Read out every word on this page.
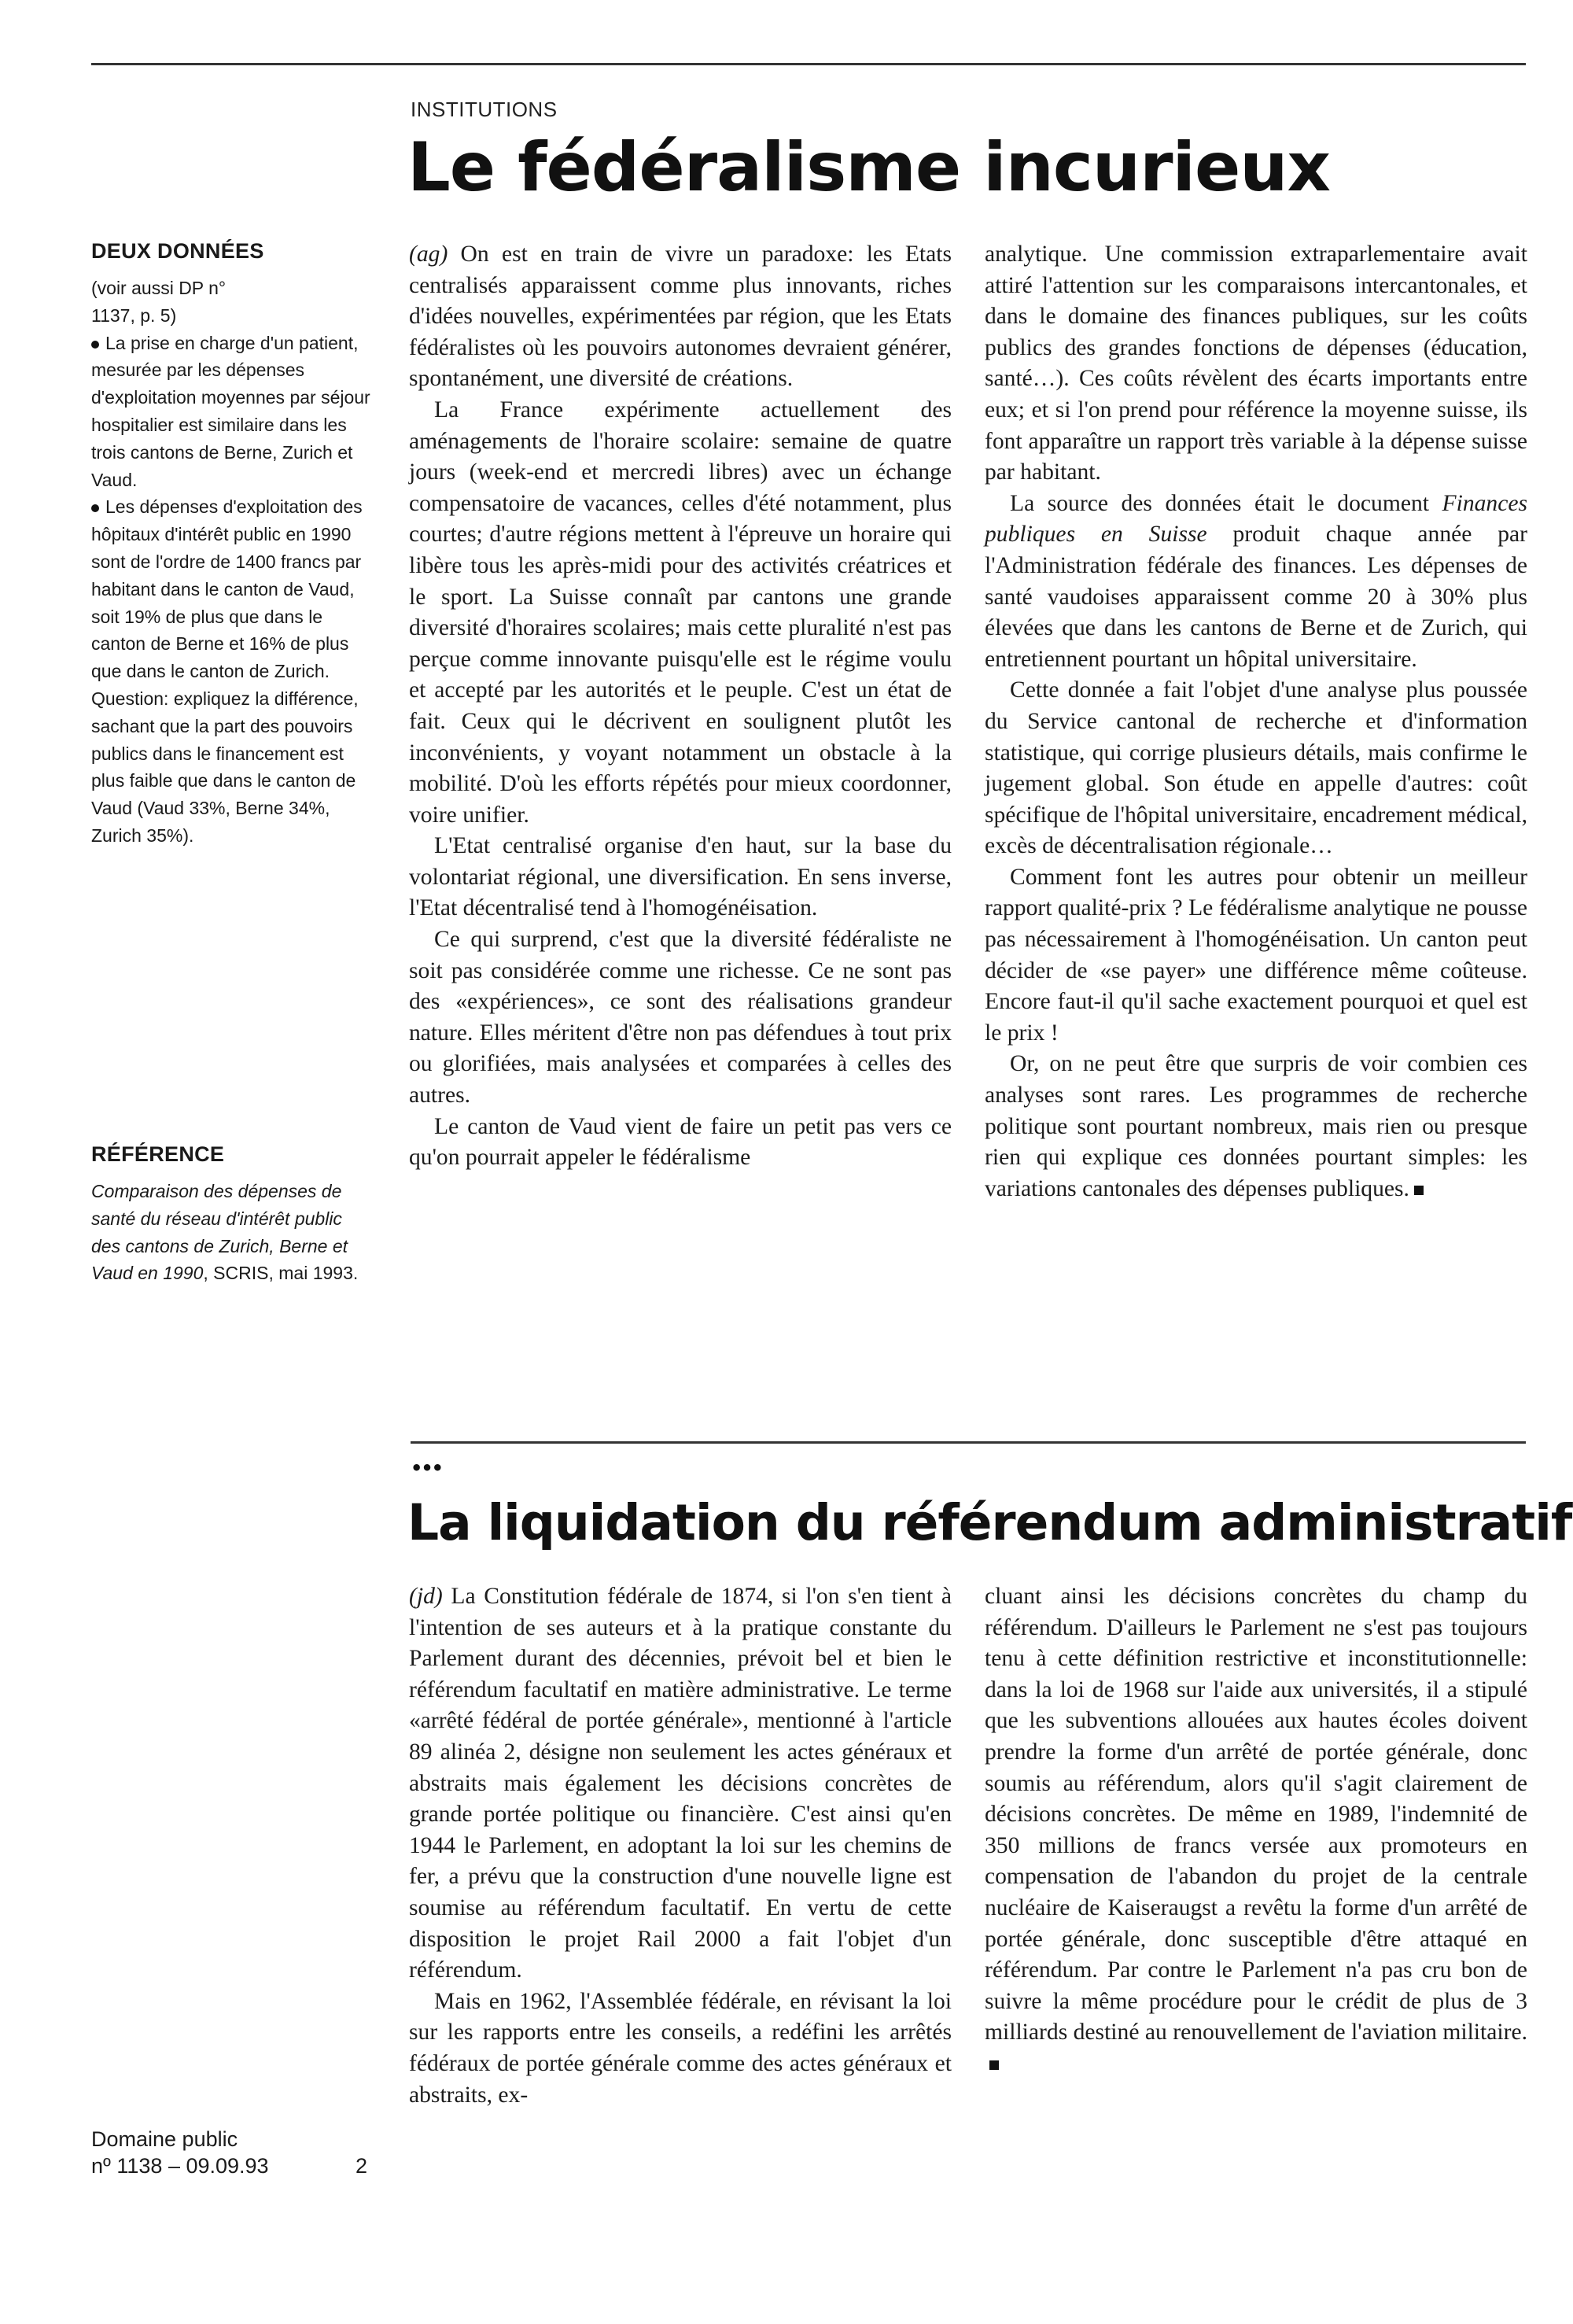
INSTITUTIONS
Le fédéralisme incurieux

DEUX DONNÉES

(voir aussi DP n° 1137, p. 5)

La prise en charge d'un patient, mesurée par les dépenses d'exploitation moyennes par séjour hospitalier est similaire dans les trois cantons de Berne, Zurich et Vaud.

Les dépenses d'exploitation des hôpitaux d'intérêt public en 1990 sont de l'ordre de 1400 francs par habitant dans le canton de Vaud, soit 19% de plus que dans le canton de Berne et 16% de plus que dans le canton de Zurich.

Question: expliquez la différence, sachant que la part des pouvoirs publics dans le financement est plus faible que dans le canton de Vaud (Vaud 33%, Berne 34%, Zurich 35%).

RÉFÉRENCE

Comparaison des dépenses de santé du réseau d'intérêt public des cantons de Zurich, Berne et Vaud en 1990, SCRIS, mai 1993.

(ag) On est en train de vivre un paradoxe: les Etats centralisés apparaissent comme plus innovants, riches d'idées nouvelles, expérimentées par région, que les Etats fédéralistes où les pouvoirs autonomes devraient générer, spontanément, une diversité de créations.

La France expérimente actuellement des aménagements de l'horaire scolaire: semaine de quatre jours (week-end et mercredi libres) avec un échange compensatoire de vacances, celles d'été notamment, plus courtes; d'autre régions mettent à l'épreuve un horaire qui libère tous les après-midi pour des activités créatrices et le sport. La Suisse connaît par cantons une grande diversité d'horaires scolaires; mais cette pluralité n'est pas perçue comme innovante puisqu'elle est le régime voulu et accepté par les autorités et le peuple. C'est un état de fait. Ceux qui le décrivent en soulignent plutôt les inconvénients, y voyant notamment un obstacle à la mobilité. D'où les efforts répétés pour mieux coordonner, voire unifier.

L'Etat centralisé organise d'en haut, sur la base du volontariat régional, une diversification. En sens inverse, l'Etat décentralisé tend à l'homogénéisation.

Ce qui surprend, c'est que la diversité fédéraliste ne soit pas considérée comme une richesse. Ce ne sont pas des «expériences», ce sont des réalisations grandeur nature. Elles méritent d'être non pas défendues à tout prix ou glorifiées, mais analysées et comparées à celles des autres.

Le canton de Vaud vient de faire un petit pas vers ce qu'on pourrait appeler le fédéralisme

analytique. Une commission extraparlementaire avait attiré l'attention sur les comparaisons intercantonales, et dans le domaine des finances publiques, sur les coûts publics des grandes fonctions de dépenses (éducation, santé…). Ces coûts révèlent des écarts importants entre eux; et si l'on prend pour référence la moyenne suisse, ils font apparaître un rapport très variable à la dépense suisse par habitant.

La source des données était le document Finances publiques en Suisse produit chaque année par l'Administration fédérale des finances. Les dépenses de santé vaudoises apparaissent comme 20 à 30% plus élevées que dans les cantons de Berne et de Zurich, qui entretiennent pourtant un hôpital universitaire.

Cette donnée a fait l'objet d'une analyse plus poussée du Service cantonal de recherche et d'information statistique, qui corrige plusieurs détails, mais confirme le jugement global. Son étude en appelle d'autres: coût spécifique de l'hôpital universitaire, encadrement médical, excès de décentralisation régionale…

Comment font les autres pour obtenir un meilleur rapport qualité-prix ? Le fédéralisme analytique ne pousse pas nécessairement à l'homogénéisation. Un canton peut décider de «se payer» une différence même coûteuse. Encore faut-il qu'il sache exactement pourquoi et quel est le prix !

Or, on ne peut être que surpris de voir combien ces analyses sont rares. Les programmes de recherche politique sont pourtant nombreux, mais rien ou presque rien qui explique ces données pourtant simples: les variations cantonales des dépenses publiques.

•••
La liquidation du référendum administratif

(jd) La Constitution fédérale de 1874, si l'on s'en tient à l'intention de ses auteurs et à la pratique constante du Parlement durant des décennies, prévoit bel et bien le référendum facultatif en matière administrative. Le terme «arrêté fédéral de portée générale», mentionné à l'article 89 alinéa 2, désigne non seulement les actes généraux et abstraits mais également les décisions concrètes de grande portée politique ou financière. C'est ainsi qu'en 1944 le Parlement, en adoptant la loi sur les chemins de fer, a prévu que la construction d'une nouvelle ligne est soumise au référendum facultatif. En vertu de cette disposition le projet Rail 2000 a fait l'objet d'un référendum.

Mais en 1962, l'Assemblée fédérale, en révisant la loi sur les rapports entre les conseils, a redéfini les arrêtés fédéraux de portée générale comme des actes généraux et abstraits, ex-

cluant ainsi les décisions concrètes du champ du référendum. D'ailleurs le Parlement ne s'est pas toujours tenu à cette définition restrictive et inconstitutionnelle: dans la loi de 1968 sur l'aide aux universités, il a stipulé que les subventions allouées aux hautes écoles doivent prendre la forme d'un arrêté de portée générale, donc soumis au référendum, alors qu'il s'agit clairement de décisions concrètes. De même en 1989, l'indemnité de 350 millions de francs versée aux promoteurs en compensation de l'abandon du projet de la centrale nucléaire de Kaiseraugst a revêtu la forme d'un arrêté de portée générale, donc susceptible d'être attaqué en référendum. Par contre le Parlement n'a pas cru bon de suivre la même procédure pour le crédit de plus de 3 milliards destiné au renouvellement de l'aviation militaire.

Domaine public
nº 1138 – 09.09.93	2
